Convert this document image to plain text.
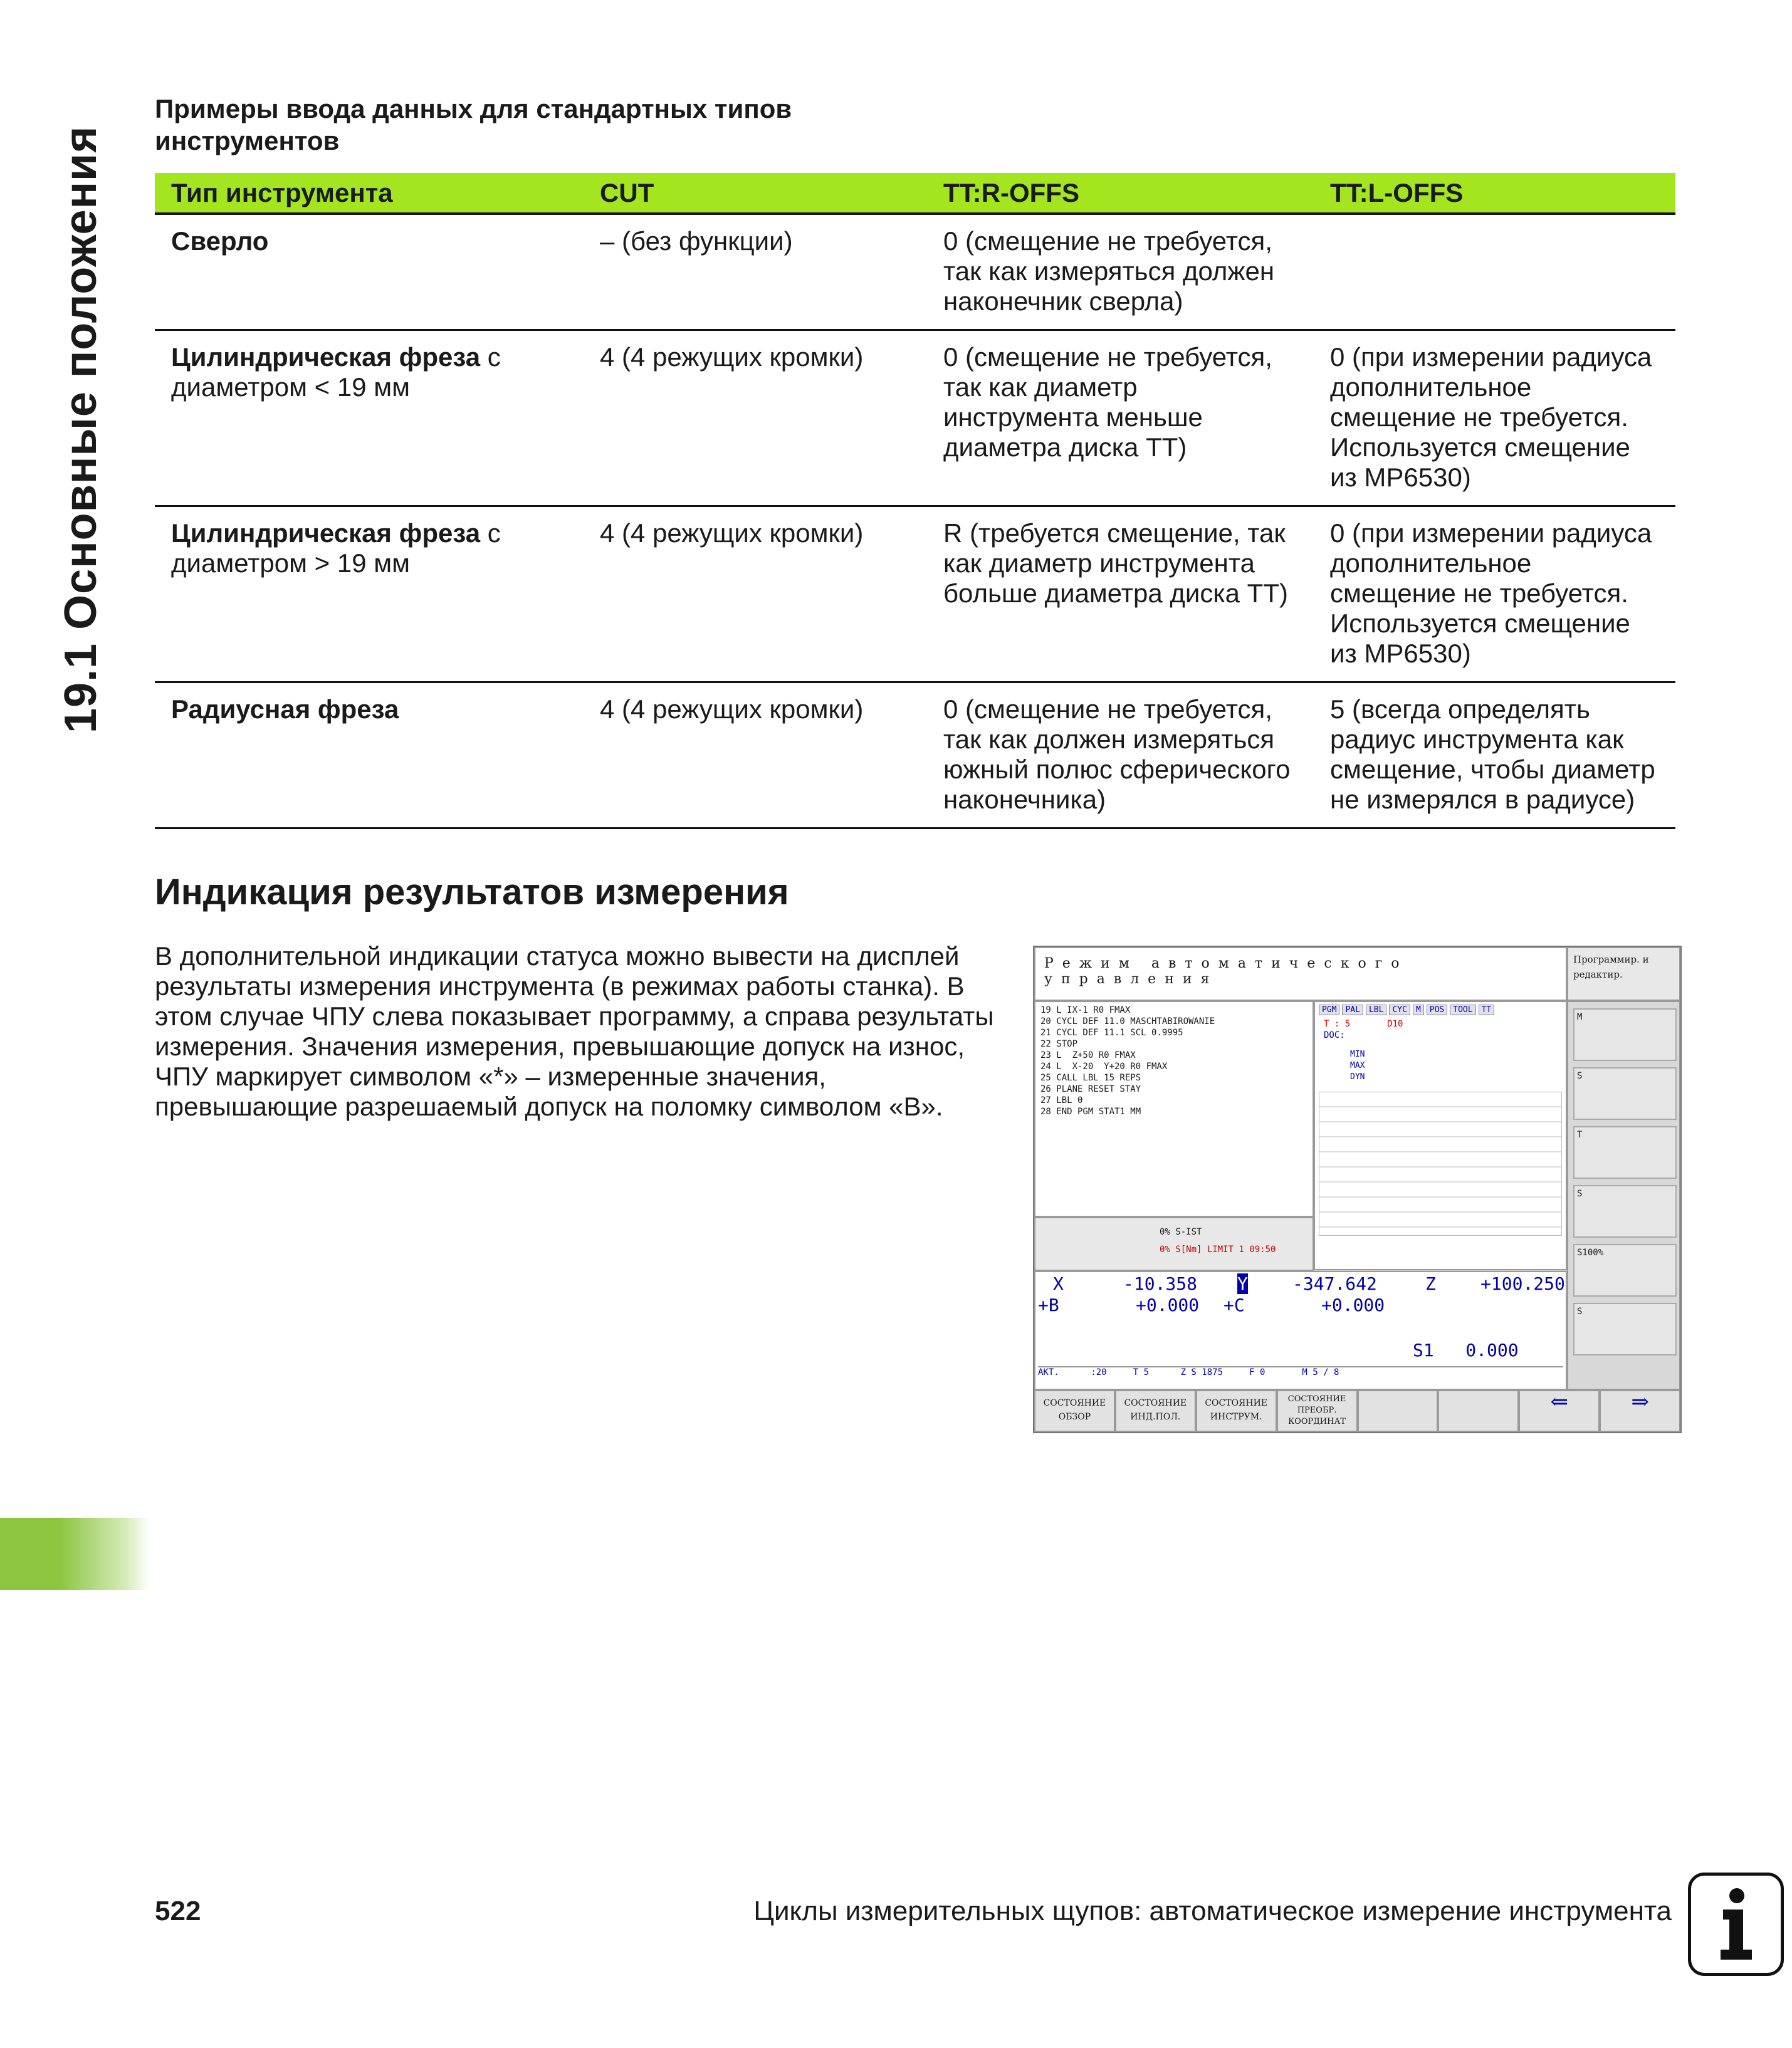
19.1 Основные положения
Примеры ввода данных для стандартных типов инструментов
Тип инструмента	CUT	TT:R-OFFS	TT:L-OFFS
Сверло	– (без функции)	0 (смещение не требуется, так как измеряться должен наконечник сверла)	
Цилиндрическая фреза с диаметром < 19 мм	4 (4 режущих кромки)	0 (смещение не требуется, так как диаметр инструмента меньше диаметра диска TT)	0 (при измерении радиуса дополнительное смещение не требуется. Используется смещение из MP6530)
Цилиндрическая фреза с диаметром > 19 мм	4 (4 режущих кромки)	R (требуется смещение, так как диаметр инструмента больше диаметра диска TT)	0 (при измерении радиуса дополнительное смещение не требуется. Используется смещение из MP6530)
Радиусная фреза	4 (4 режущих кромки)	0 (смещение не требуется, так как должен измеряться южный полюс сферического наконечника)	5 (всегда определять радиус инструмента как смещение, чтобы диаметр не измерялся в радиусе)
Индикация результатов измерения
В дополнительной индикации статуса можно вывести на дисплей результаты измерения инструмента (в режимах работы станка). В этом случае ЧПУ слева показывает программу, а справа результаты измерения. Значения измерения, превышающие допуск на износ, ЧПУ маркирует символом «*» – измеренные значения, превышающие разрешаемый допуск на поломку символом «B».
Режим автоматического управления
Программир. и редактир.
19 L IX-1 R0 FMAX
20 CYCL DEF 11.0 MASCHTABIROWANIE
21 CYCL DEF 11.1 SCL 0.9995
22 STOP
23 L  Z+50 R0 FMAX
24 L  X-20  Y+20 R0 FMAX
25 CALL LBL 15 REPS
26 PLANE RESET STAY
27 LBL 0
28 END PGM STAT1 MM
PGM	PAL	LBL	CYC	M	POS	TOOL	TT
T : 5	D10
DOC:
MIN
MAX
DYN
0% S-IST
0% S[Nm] LIMIT 1 09:50
X	-10.358 Y	-347.642	Z	+100.250
+B	+0.000 +C	+0.000
S1   0.000
АКТ.      :20     T 5      Z S 1875     F 0       M 5 / 8
M
S
T
S
S100%
S
СОСТОЯНИЕ ОБЗОР
СОСТОЯНИЕ ИНД.ПОЛ.
СОСТОЯНИЕ ИНСТРУМ.
СОСТОЯНИЕ ПРЕОБР. КООРДИНАТ
⇐	⇒
522	Циклы измерительных щупов: автоматическое измерение инструмента
